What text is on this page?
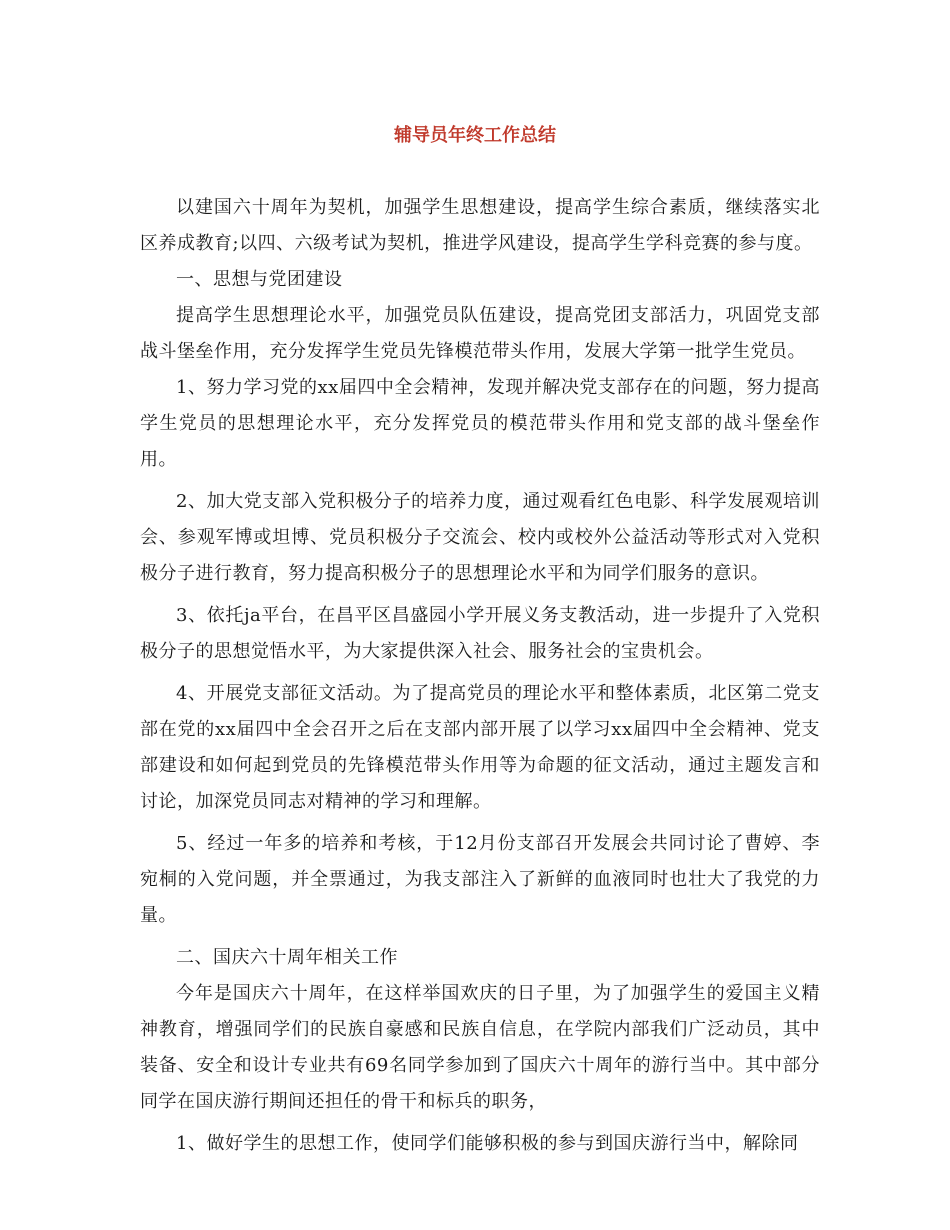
辅导员年终工作总结

以建国六十周年为契机，加强学生思想建设，提高学生综合素质，继续落实北区养成教育;以四、六级考试为契机，推进学风建设，提高学生学科竞赛的参与度。

一、思想与党团建设

提高学生思想理论水平，加强党员队伍建设，提高党团支部活力，巩固党支部战斗堡垒作用，充分发挥学生党员先锋模范带头作用，发展大学第一批学生党员。

1、努力学习党的xx届四中全会精神，发现并解决党支部存在的问题，努力提高学生党员的思想理论水平，充分发挥党员的模范带头作用和党支部的战斗堡垒作用。

2、加大党支部入党积极分子的培养力度，通过观看红色电影、科学发展观培训会、参观军博或坦博、党员积极分子交流会、校内或校外公益活动等形式对入党积极分子进行教育，努力提高积极分子的思想理论水平和为同学们服务的意识。

3、依托ja平台，在昌平区昌盛园小学开展义务支教活动，进一步提升了入党积极分子的思想觉悟水平，为大家提供深入社会、服务社会的宝贵机会。

4、开展党支部征文活动。为了提高党员的理论水平和整体素质，北区第二党支部在党的xx届四中全会召开之后在支部内部开展了以学习xx届四中全会精神、党支部建设和如何起到党员的先锋模范带头作用等为命题的征文活动，通过主题发言和讨论，加深党员同志对精神的学习和理解。

5、经过一年多的培养和考核，于12月份支部召开发展会共同讨论了曹婷、李宛桐的入党问题，并全票通过，为我支部注入了新鲜的血液同时也壮大了我党的力量。

二、国庆六十周年相关工作

今年是国庆六十周年，在这样举国欢庆的日子里，为了加强学生的爱国主义精神教育，增强同学们的民族自豪感和民族自信息，在学院内部我们广泛动员，其中装备、安全和设计专业共有69名同学参加到了国庆六十周年的游行当中。其中部分同学在国庆游行期间还担任的骨干和标兵的职务，

1、做好学生的思想工作，使同学们能够积极的参与到国庆游行当中，解除同
